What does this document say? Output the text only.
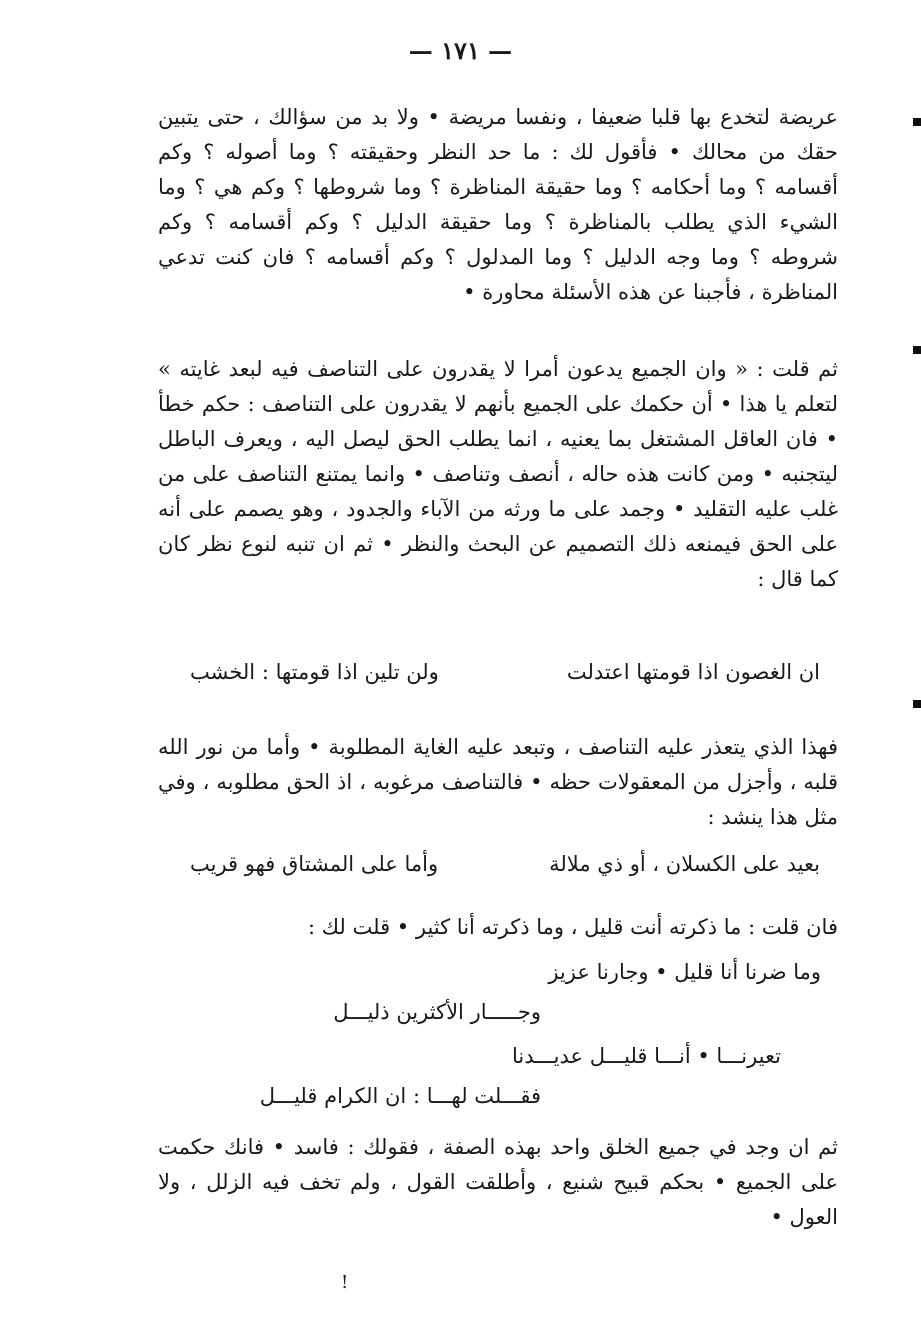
— ١٧١ —

عريضة لتخدع بها قلبا ضعيفا ، ونفسا مريضة • ولا بد من سؤالك ، حتى يتبين حقك من محالك • فأقول لك : ما حد النظر وحقيقته ؟ وما أصوله ؟ وكم أقسامه ؟ وما أحكامه ؟ وما حقيقة المناظرة ؟ وما شروطها ؟ وكم هي ؟ وما الشيء الذي يطلب بالمناظرة ؟ وما حقيقة الدليل ؟ وكم أقسامه ؟ وكم شروطه ؟ وما وجه الدليل ؟ وما المدلول ؟ وكم أقسامه ؟ فان كنت تدعي المناظرة ، فأجبنا عن هذه الأسئلة محاورة •

ثم قلت : « وان الجميع يدعون أمرا لا يقدرون على التناصف فيه لبعد غايته » لتعلم يا هذا • أن حكمك على الجميع بأنهم لا يقدرون على التناصف : حكم خطأ • فان العاقل المشتغل بما يعنيه ، انما يطلب الحق ليصل اليه ، ويعرف الباطل ليتجنبه • ومن كانت هذه حاله ، أنصف وتناصف • وانما يمتنع التناصف على من غلب عليه التقليد • وجمد على ما ورثه من الآباء والجدود ، وهو يصمم على أنه على الحق فيمنعه ذلك التصميم عن البحث والنظر • ثم ان تنبه لنوع نظر كان كما قال :

ان الغصون اذا قومتها اعتدلت
ولن تلين اذا قومتها : الخشب

فهذا الذي يتعذر عليه التناصف ، وتبعد عليه الغاية المطلوبة • وأما من نور الله قلبه ، وأجزل من المعقولات حظه • فالتناصف مرغوبه ، اذ الحق مطلوبه ، وفي مثل هذا ينشد :

بعيد على الكسلان ، أو ذي ملالة
وأما على المشتاق فهو قريب

فان قلت : ما ذكرته أنت قليل ، وما ذكرته أنا كثير • قلت لك :

وما ضرنا أنا قليل • وجارنا عزيز
وجـــــار الأكثرين ذليـــل
تعيرنـــا • أنـــا قليـــل عديـــدنا
فقـــلت لهـــا : ان الكرام قليـــل

ثم ان وجد في جميع الخلق واحد بهذه الصفة ، فقولك : فاسد • فانك حكمت على الجميع • بحكم قبيح شنيع ، وأطلقت القول ، ولم تخف فيه الزلل ، ولا العول •

!
